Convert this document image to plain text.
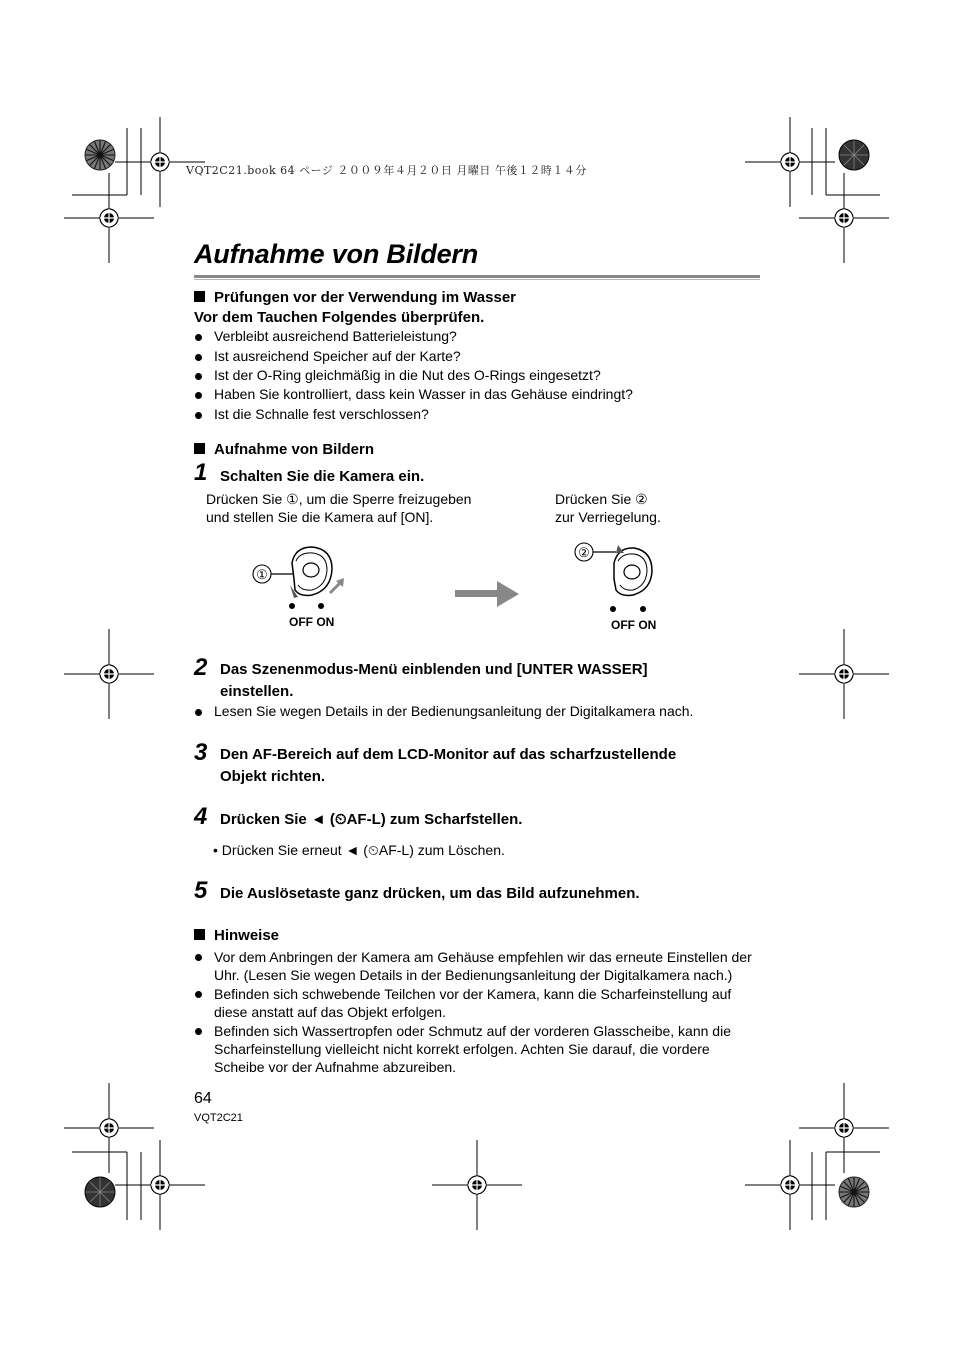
VQT2C21.book 64 ページ ２００９年４月２０日 月曜日 午後１２時１４分
Aufnahme von Bildern
Prüfungen vor der Verwendung im Wasser
Vor dem Tauchen Folgendes überprüfen.
Verbleibt ausreichend Batterieleistung?
Ist ausreichend Speicher auf der Karte?
Ist der O-Ring gleichmäßig in die Nut des O-Rings eingesetzt?
Haben Sie kontrolliert, dass kein Wasser in das Gehäuse eindringt?
Ist die Schnalle fest verschlossen?
Aufnahme von Bildern
1 Schalten Sie die Kamera ein.
Drücken Sie ①, um die Sperre freizugeben
und stellen Sie die Kamera auf [ON].
Drücken Sie ②
zur Verriegelung.
①
OFF ON
②
OFF ON
2 Das Szenenmodus-Menü einblenden und [UNTER WASSER]
einstellen.
Lesen Sie wegen Details in der Bedienungsanleitung der Digitalkamera nach.
3 Den AF-Bereich auf dem LCD-Monitor auf das scharfzustellende
Objekt richten.
4 Drücken Sie ◄ (⏲AF-L) zum Scharfstellen.
• Drücken Sie erneut ◄ (⏲AF-L) zum Löschen.
5 Die Auslösetaste ganz drücken, um das Bild aufzunehmen.
Hinweise
Vor dem Anbringen der Kamera am Gehäuse empfehlen wir das erneute Einstellen der
Uhr. (Lesen Sie wegen Details in der Bedienungsanleitung der Digitalkamera nach.)
Befinden sich schwebende Teilchen vor der Kamera, kann die Scharfeinstellung auf
diese anstatt auf das Objekt erfolgen.
Befinden sich Wassertropfen oder Schmutz auf der vorderen Glasscheibe, kann die
Scharfeinstellung vielleicht nicht korrekt erfolgen. Achten Sie darauf, die vordere
Scheibe vor der Aufnahme abzureiben.
64
VQT2C21
